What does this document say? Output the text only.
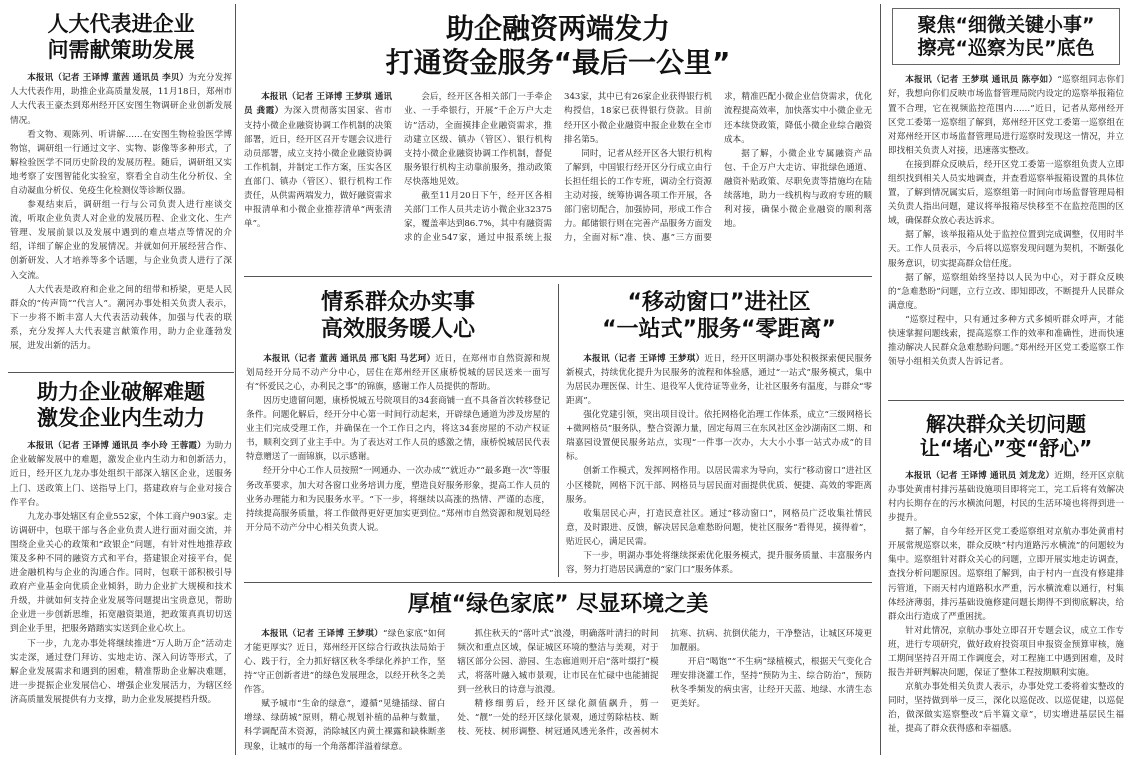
人大代表进企业
问需献策助发展

本报讯（记者 王译博 董茜 通讯员 李贝）为充分发挥人大代表作用，助推企业高质量发展，11月18日，郑州市人大代表王豪杰到郑州经开区安图生物调研企业创新发展情况。

看文物、观陈列、听讲解……在安图生物检验医学博物馆，调研组一行通过文字、实物、影像等多种形式，了解检验医学不同历史阶段的发展历程。随后，调研组又实地考察了安图智能化实验室，察看全自动生化分析仪、全自动凝血分析仪、免疫生化检测仪等诊断仪器。

参观结束后，调研组一行与公司负责人进行座谈交流，听取企业负责人对企业的发展历程、企业文化、生产管理、发展前景以及发展中遇到的难点堵点等情况的介绍，详细了解企业的发展情况。并就如何开展经营合作、创新研发、人才培养等多个话题，与企业负责人进行了深入交流。

人大代表是政府和企业之间的纽带和桥梁，更是人民群众的“传声筒”“代言人”。潮河办事处相关负责人表示，下一步将不断丰富人大代表活动载体，加强与代表的联系，充分发挥人大代表建言献策作用，助力企业蓬勃发展，进发出新的活力。

助力企业破解难题
激发企业内生动力

本报讯（记者 王译博 通讯员 李小玲 王蓉霞）为助力企业破解发展中的难题，激发企业内生动力和创新活力，近日，经开区九龙办事处组织干部深入辖区企业，送服务上门、送政策上门、送指导上门，搭建政府与企业对接合作平台。

九龙办事处辖区有企业552家，个体工商户903家。走访调研中，包联干部与各企业负责人进行面对面交流，并围绕企业关心的政策和“政银企”问题，有针对性地推荐政策及多种不同的融资方式和平台，搭建银企对接平台，促进金融机构与企业的沟通合作。同时，包联干部积极引导政府产业基金向优质企业倾斜，助力企业扩大规模和技术升级，并就如何支持企业发展等问题提出宝贵意见，帮助企业进一步创新思维，拓宽融资渠道，把政策真真切切送到企业手里，把服务踏踏实实送到企业心坎上。

下一步，九龙办事处将继续推进“万人助万企”活动走实走深，通过登门拜访、实地走访、深入问访等形式，了解企业发展需求和遇到的困难，精准帮助企业解决难题，进一步提振企业发展信心、增强企业发展活力，为辖区经济高质量发展提供有力支撑，助力企业发展提档升级。

助企融资两端发力
打通资金服务“最后一公里”

本报讯（记者 王译博 王梦琪 通讯员 龚霞）为深入贯彻落实国家、省市支持小微企业融资协调工作机制的决策部署，近日，经开区召开专题会议进行动员部署，成立支持小微企业融资协调工作机制，并制定工作方案，压实各区直部门、镇办（管区）、银行机构工作责任，从供需两端发力，做好融资需求申报清单和小微企业推荐清单“两张清单”。

会后，经开区各相关部门一手牵企业、一手牵银行，开展“千企万户大走访”活动，全面摸排企业融资需求，推动建立区级、镇办（管区）、银行机构支持小微企业融资协调工作机制，督促服务银行机构主动靠前服务，推动政策尽快落地见效。

截至11月20日下午，经开区各相关部门工作人员共走访小微企业32375家，覆盖率达到86.7%，其中有融资需求的企业547家，通过申报系统上报343家，其中已有26家企业获得银行机构授信，18家已获得银行贷款。目前经开区小微企业融资申报企业数在全市排名第5。

同时，记者从经开区各大银行机构了解到，中国银行经开区分行成立由行长担任组长的工作专班，调动全行资源主动对接，统筹协调各项工作开展，各部门密切配合，加强协同，形成工作合力。邮储银行则在完善产品服务方面发力，全面对标“准、快、惠”三方面要求，精准匹配小微企业信贷需求，优化流程提高效率，加快落实中小微企业无还本续贷政策，降低小微企业综合融资成本。

据了解，小微企业专属融资产品包、千企万户大走访、审批绿色通道、融资补贴政策、尽职免责等措施均在陆续落地，助力一线机构与政府专班的顺利对接，确保小微企业融资的顺利落地。

情系群众办实事
高效服务暖人心

本报讯（记者 董茜 通讯员 邢飞阳 马艺珂）近日，在郑州市自然资源和规划局经开分局不动产分中心，居住在郑州经开区康桥悦城的居民送来一面写有“怀爱民之心，办利民之事”的锦旗，感谢工作人员提供的帮助。

因历史遗留问题，康桥悦城五号院项目的34套商铺一直不具备首次转移登记条件。问题化解后，经开分中心第一时间行动起来，开辟绿色通道为涉及房屋的业主们完成受理工作，并确保在一个工作日之内，将这34套房屋的不动产权证书，顺利交到了业主手中。为了表达对工作人员的感激之情，康桥悦城居民代表特意赠送了一面锦旗，以示感谢。

经开分中心工作人员按照“一网通办、一次办成”“就近办”“最多跑一次”等服务改革要求，加大对各窗口业务培训力度，塑造良好服务形象，提高工作人员的业务办理能力和为民服务水平。“下一步，将继续以高涨的热情、严谨的态度，持续提高服务质量，将工作做得更好更加实更到位。”郑州市自然资源和规划局经开分局不动产分中心相关负责人说。

“移动窗口”进社区
“一站式”服务“零距离”

本报讯（记者 王译博 王梦琪）近日，经开区明湖办事处积极探索便民服务新模式，持续优化提升为民服务的流程和体验感，通过“一站式”服务模式，集中为居民办理医保、计生、退役军人优待证等业务，让社区服务有温度，与群众“零距离”。

强化党建引领，突出项目设计。依托网格化治理工作体系，成立“三级网格长+微网格员”服务队，整合资源力量，固定每周三在东风社区金沙湖南区二期、和瑞嘉园设置便民服务站点，实现“一件事一次办，大大小小事一站式办成”的目标。

创新工作模式，发挥网格作用。以居民需求为导向，实行“移动窗口”进社区小区楼院，网格下沉干部、网格员与居民面对面提供优质、便捷、高效的零距离服务。

收集居民心声，打造民意社区。通过“移动窗口”，网格员广泛收集社情民意，及时跟进、反馈，解决居民急难愁盼问题，使社区服务“看得见，摸得着”，贴近民心，满足民需。

下一步，明湖办事处将继续探索优化服务模式，提升服务质量、丰富服务内容，努力打造居民满意的“家门口”服务体系。

厚植“绿色家底” 尽显环境之美

本报讯（记者 王译博 王梦琪）“绿色家底”如何才能更厚实？近日，郑州经开区综合行政执法局始于心、践于行，全力抓好辖区秋冬季绿化养护工作，坚持“守正创新者进”的绿色发展理念，以经开秋冬之美作答。

赋予城市“生命的绿意”，遵循“见缝插绿、留白增绿、绿荫城”原则，精心规划补植的品种与数量，科学调配苗木资源，消除城区内黄土裸露和缺株断垄现象，让城市的每一个角落都洋溢着绿意。

抓住秋天的“落叶式”浪漫，明确落叶清扫的时间频次和重点区域，保证城区环境的整洁与美观，对于辖区部分公园、游园、生态廊道则开启“落叶缀打”模式，将落叶融入城市景观，让市民在忙碌中也能捕捉到一丝秋日的诗意与浪漫。

精修细剪后，经开区绿化颜值飙升，剪一处、“靓”一处的经开区绿化景观，通过剪除枯枝、断枝、死枝、树形调整、树冠通风透光条件，改善树木抗寒、抗病、抗倒伏能力，干净整洁，让城区环境更加靓丽。

开启“喝饱”“不生病”绿植模式，根据天气变化合理安排浇灌工作，坚持“预防为主、综合防治”，预防秋冬季频发的病虫害，让经开天蓝、地绿、水清生态更美好。

聚焦“细微关键小事”
擦亮“巡察为民”底色

本报讯（记者 王梦琪 通讯员 陈亭如）“巡察组同志你们好，我想向你们反映市场监督管理局院内设定的巡察举报箱位置不合理，它在视频监控范围内……”近日，记者从郑州经开区党工委第一巡察组了解到，郑州经开区党工委第一巡察组在对郑州经开区市场监督管理局进行巡察时发现这一情况，并立即找相关负责人对接，迅速落实整改。

在接到群众反映后，经开区党工委第一巡察组负责人立即组织找到相关人员实地调查，并查看巡察举报箱设置的具体位置，了解到情况属实后，巡察组第一时间向市场监督管理局相关负责人指出问题，建议将举报箱尽快移至不在监控范围的区域，确保群众放心表达诉求。

据了解，该举报箱从处于监控位置到完成调整，仅用时半天。工作人员表示，今后将以巡察发现问题为契机，不断强化服务意识，切实提高群众信任度。

据了解，巡察组始终坚持以人民为中心，对于群众反映的“急难愁盼”问题，立行立改、即知即改，不断提升人民群众满意度。

“巡察过程中，只有通过多种方式多倾听群众呼声，才能快速掌握问题线索，提高巡察工作的效率和准确性，进而快速推动解决人民群众急难愁盼问题。”郑州经开区党工委巡察工作领导小组相关负责人告诉记者。

解决群众关切问题
让“堵心”变“舒心”

本报讯（记者 王译博 通讯员 刘龙龙）近期，经开区京航办事处黄甫村排污基础设施项目即将完工，完工后将有效解决村内长期存在的污水横流问题，村民的生活环境也将得到进一步提升。

据了解，自今年经开区党工委巡察组对京航办事处黄甫村开展常规巡察以来，群众反映“村内道路污水横流”的问题较为集中。巡察组针对群众关心的问题，立即开展实地走访调查，查找分析问题原因。巡察组了解到，由于村内一直没有修建排污管道，下雨天村内道路积水严重，污水横流难以通行，村集体经济薄弱，排污基础设施修建问题长期得不到彻底解决，给群众出行造成了严重困扰。

针对此情况，京航办事处立即召开专题会议，成立工作专班，进行专项研究，做好政府投资项目申报资金预算审核，施工期间坚持召开周工作调度会，对工程施工中遇到困难，及时报告并研判解决问题，保证了整体工程按期顺利实施。

京航办事处相关负责人表示，办事处党工委将着实整改的同时，坚持做到举一反三，深化以巡促改、以巡促建，以巡促治，做深做实巡察整改“后半篇文章”，切实增进基层民生福祉，提高了群众获得感和幸福感。
